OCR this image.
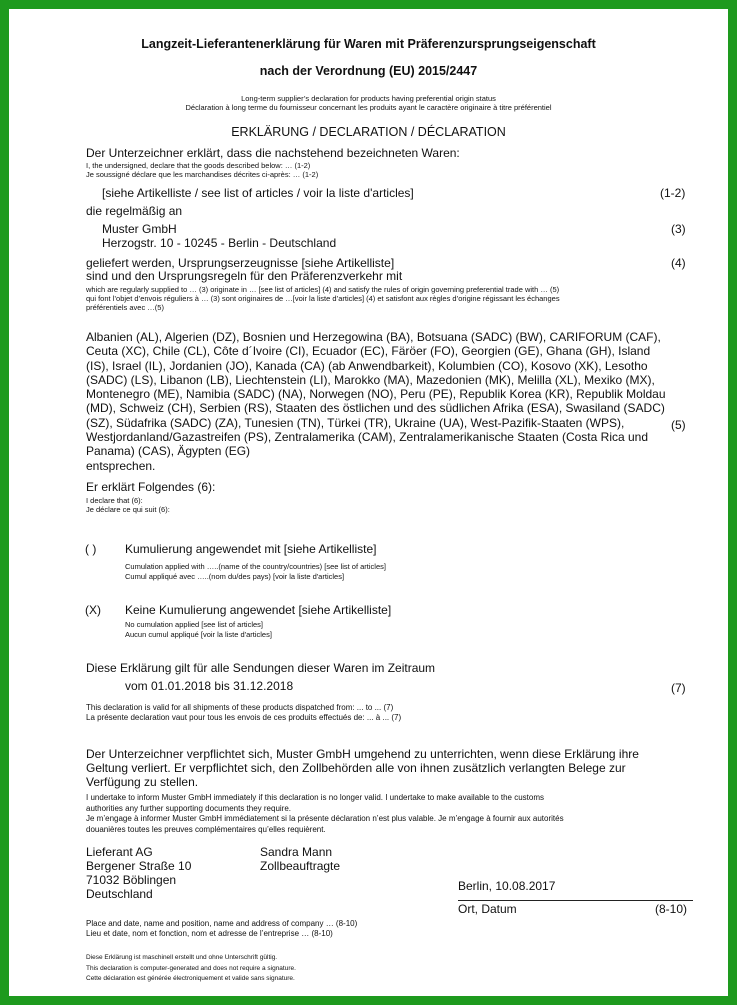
Langzeit-Lieferantenerklärung für Waren mit Präferenzursprungseigenschaft
nach der Verordnung (EU) 2015/2447
Long-term supplier’s declaration for products having preferential origin status
Déclaration à long terme du fournisseur concernant les produits ayant le caractère originaire à titre préférentiel
ERKLÄRUNG / DECLARATION / DÉCLARATION
Der Unterzeichner erklärt, dass die nachstehend bezeichneten Waren:
I, the undersigned, declare that the goods described below: … (1-2)
Je soussigné déclare que les marchandises décrites ci-après: … (1-2)
[siehe Artikelliste / see list of articles / voir la liste d'articles]	(1-2)
die regelmäßig an
Muster GmbH	(3)
Herzogstr. 10 - 10245 - Berlin - Deutschland
geliefert werden, Ursprungserzeugnisse [siehe Artikelliste]	(4)
sind und den Ursprungsregeln für den Präferenzverkehr mit
which are regularly supplied to … (3) originate in … [see list of articles] (4) and satisfy the rules of origin governing preferential trade with … (5)
qui font l’objet d’envois réguliers à … (3) sont originaires de …[voir la liste d’articles] (4) et satisfont aux règles d’origine régissant les échanges
préférentiels avec …(5)
Albanien (AL), Algerien (DZ), Bosnien und Herzegowina (BA), Botsuana (SADC) (BW), CARIFORUM (CAF),
Ceuta (XC), Chile (CL), Côte d´Ivoire (CI), Ecuador (EC), Färöer (FO), Georgien (GE), Ghana (GH), Island
(IS), Israel (IL), Jordanien (JO), Kanada (CA) (ab Anwendbarkeit), Kolumbien (CO), Kosovo (XK), Lesotho
(SADC) (LS), Libanon (LB), Liechtenstein (LI), Marokko (MA), Mazedonien (MK), Melilla (XL), Mexiko (MX),
Montenegro (ME), Namibia (SADC) (NA), Norwegen (NO), Peru (PE), Republik Korea (KR), Republik Moldau
(MD), Schweiz (CH), Serbien (RS), Staaten des östlichen und des südlichen Afrika (ESA), Swasiland (SADC)
(SZ), Südafrika (SADC) (ZA), Tunesien (TN), Türkei (TR), Ukraine (UA), West-Pazifik-Staaten (WPS),
Westjordanland/Gazastreifen (PS), Zentralamerika (CAM), Zentralamerikanische Staaten (Costa Rica und
Panama) (CAS), Ägypten (EG)
entsprechen.
(5)
Er erklärt Folgendes (6):
I declare that (6):
Je déclare ce qui suit (6):
( ) Kumulierung angewendet mit [siehe Artikelliste]
Cumulation applied with …..(name of the country/countries) [see list of articles]
Cumul appliqué avec …..(nom du/des pays) [voir la liste d'articles]
(X) Keine Kumulierung angewendet [siehe Artikelliste]
No cumulation applied [see list of articles]
Aucun cumul appliqué [voir la liste d'articles]
Diese Erklärung gilt für alle Sendungen dieser Waren im Zeitraum
vom 01.01.2018 bis 31.12.2018	(7)
This declaration is valid for all shipments of these products dispatched from: ... to ... (7)
La présente declaration vaut pour tous les envois de ces produits effectués de: ... à ... (7)
Der Unterzeichner verpflichtet sich, Muster GmbH umgehend zu unterrichten, wenn diese Erklärung ihre
Geltung verliert. Er verpflichtet sich, den Zollbehörden alle von ihnen zusätzlich verlangten Belege zur
Verfügung zu stellen.
I undertake to inform Muster GmbH immediately if this declaration is no longer valid. I undertake to make available to the customs
authorities any further supporting documents they require.
Je m’engage à informer Muster GmbH immédiatement si la présente déclaration n’est plus valable. Je m’engage à fournir aux autorités
douanières toutes les preuves complémentaires qu’elles requièrent.
Lieferant AG
Bergener Straße 10
71032 Böblingen
Deutschland
Sandra Mann
Zollbeauftragte
Berlin, 10.08.2017
Ort, Datum	(8-10)
Place and date, name and position, name and address of company … (8-10)
Lieu et date, nom et fonction, nom et adresse de l’entreprise … (8-10)
Diese Erklärung ist maschinell erstellt und ohne Unterschrift gültig.
This declaration is computer-generated and does not require a signature.
Cette déclaration est générée électroniquement et valide sans signature.
